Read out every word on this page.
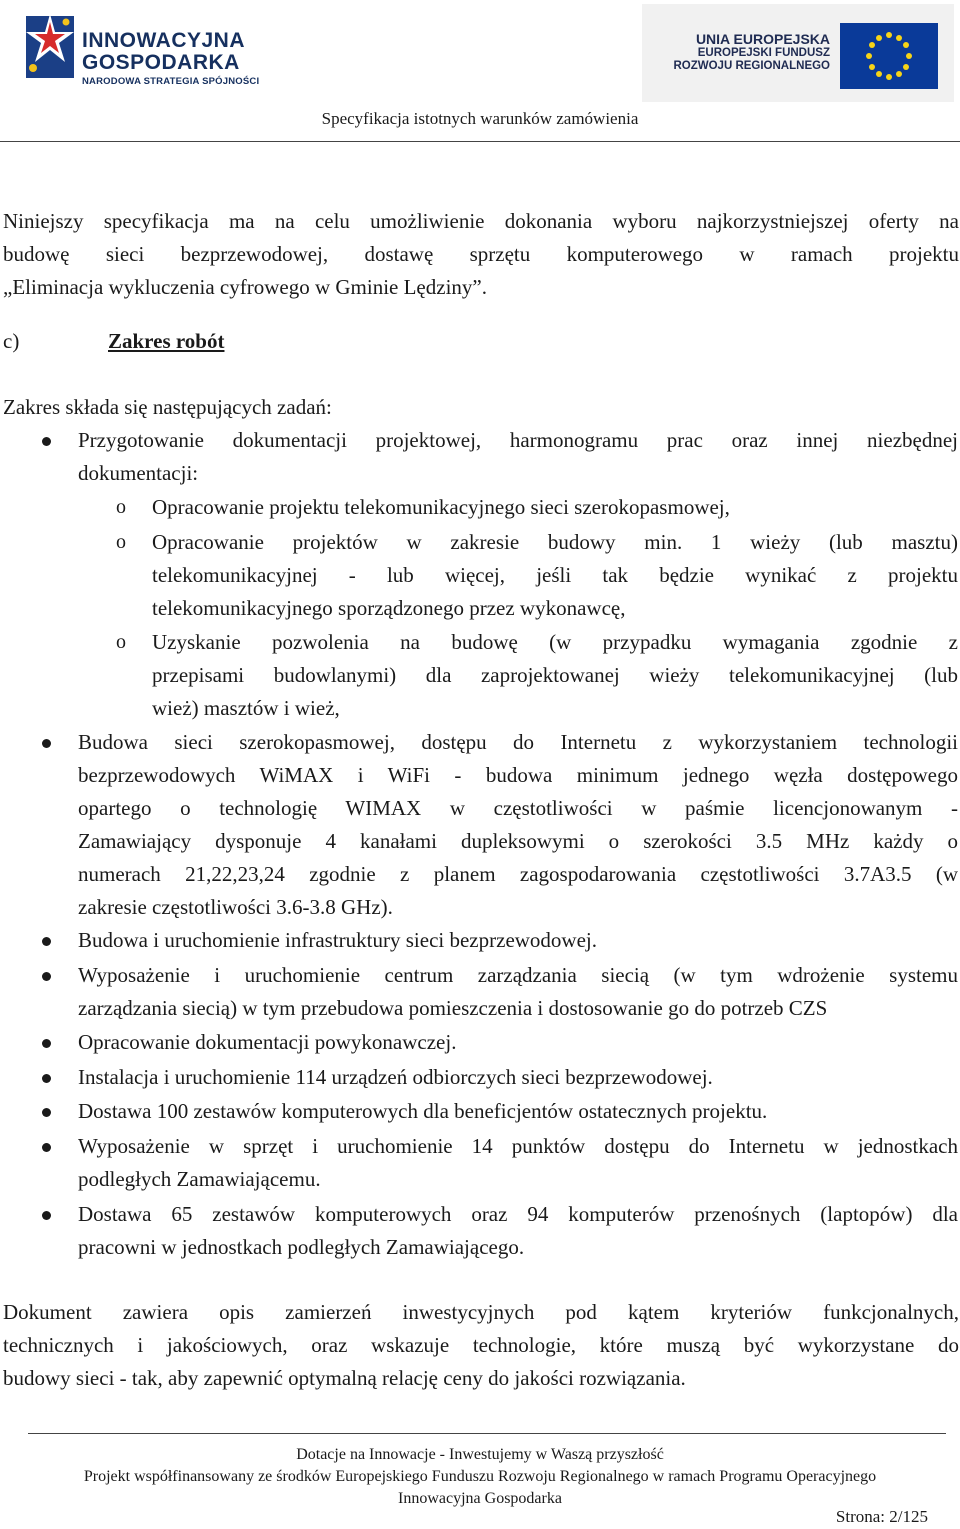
INNOWACYJNA
GOSPODARKA
NARODOWA STRATEGIA SPÓJNOŚCI
UNIA EUROPEJSKA
EUROPEJSKI FUNDUSZ
ROZWOJU REGIONALNEGO
Specyfikacja istotnych warunków zamówienia
Niniejszy specyfikacja ma na celu umożliwienie dokonania wyboru najkorzystniejszej oferty na
budowę sieci bezprzewodowej, dostawę sprzętu komputerowego w ramach projektu
„Eliminacja wykluczenia cyfrowego w Gminie Lędziny”.
c)	Zakres robót
Zakres składa się następujących zadań:
Przygotowanie dokumentacji projektowej, harmonogramu prac oraz innej niezbędnej
dokumentacji:
o Opracowanie projektu telekomunikacyjnego sieci szerokopasmowej,
o Opracowanie projektów w zakresie budowy min. 1 wieży (lub masztu)
telekomunikacyjnej - lub więcej, jeśli tak będzie wynikać z projektu
telekomunikacyjnego sporządzonego przez wykonawcę,
o Uzyskanie pozwolenia na budowę (w przypadku wymagania zgodnie z
przepisami budowlanymi) dla zaprojektowanej wieży telekomunikacyjnej (lub
wież) masztów i wież,
Budowa sieci szerokopasmowej, dostępu do Internetu z wykorzystaniem technologii
bezprzewodowych WiMAX i WiFi - budowa minimum jednego węzła dostępowego
opartego o technologię WIMAX w częstotliwości w paśmie licencjonowanym -
Zamawiający dysponuje 4 kanałami dupleksowymi o szerokości 3.5 MHz każdy o
numerach 21,22,23,24 zgodnie z planem zagospodarowania częstotliwości 3.7A3.5 (w
zakresie częstotliwości 3.6-3.8 GHz).
Budowa i uruchomienie infrastruktury sieci bezprzewodowej.
Wyposażenie i uruchomienie centrum zarządzania siecią (w tym wdrożenie systemu
zarządzania siecią) w tym przebudowa pomieszczenia i dostosowanie go do potrzeb CZS
Opracowanie dokumentacji powykonawczej.
Instalacja i uruchomienie 114 urządzeń odbiorczych sieci bezprzewodowej.
Dostawa 100 zestawów komputerowych dla beneficjentów ostatecznych projektu.
Wyposażenie w sprzęt i uruchomienie 14 punktów dostępu do Internetu w jednostkach
podległych Zamawiającemu.
Dostawa 65 zestawów komputerowych oraz 94 komputerów przenośnych (laptopów) dla
pracowni w jednostkach podległych Zamawiającego.
Dokument zawiera opis zamierzeń inwestycyjnych pod kątem kryteriów funkcjonalnych,
technicznych i jakościowych, oraz wskazuje technologie, które muszą być wykorzystane do
budowy sieci - tak, aby zapewnić optymalną relację ceny do jakości rozwiązania.
Dotacje na Innowacje - Inwestujemy w Waszą przyszłość
Projekt współfinansowany ze środków Europejskiego Funduszu Rozwoju Regionalnego w ramach Programu Operacyjnego
Innowacyjna Gospodarka
Strona: 2/125
